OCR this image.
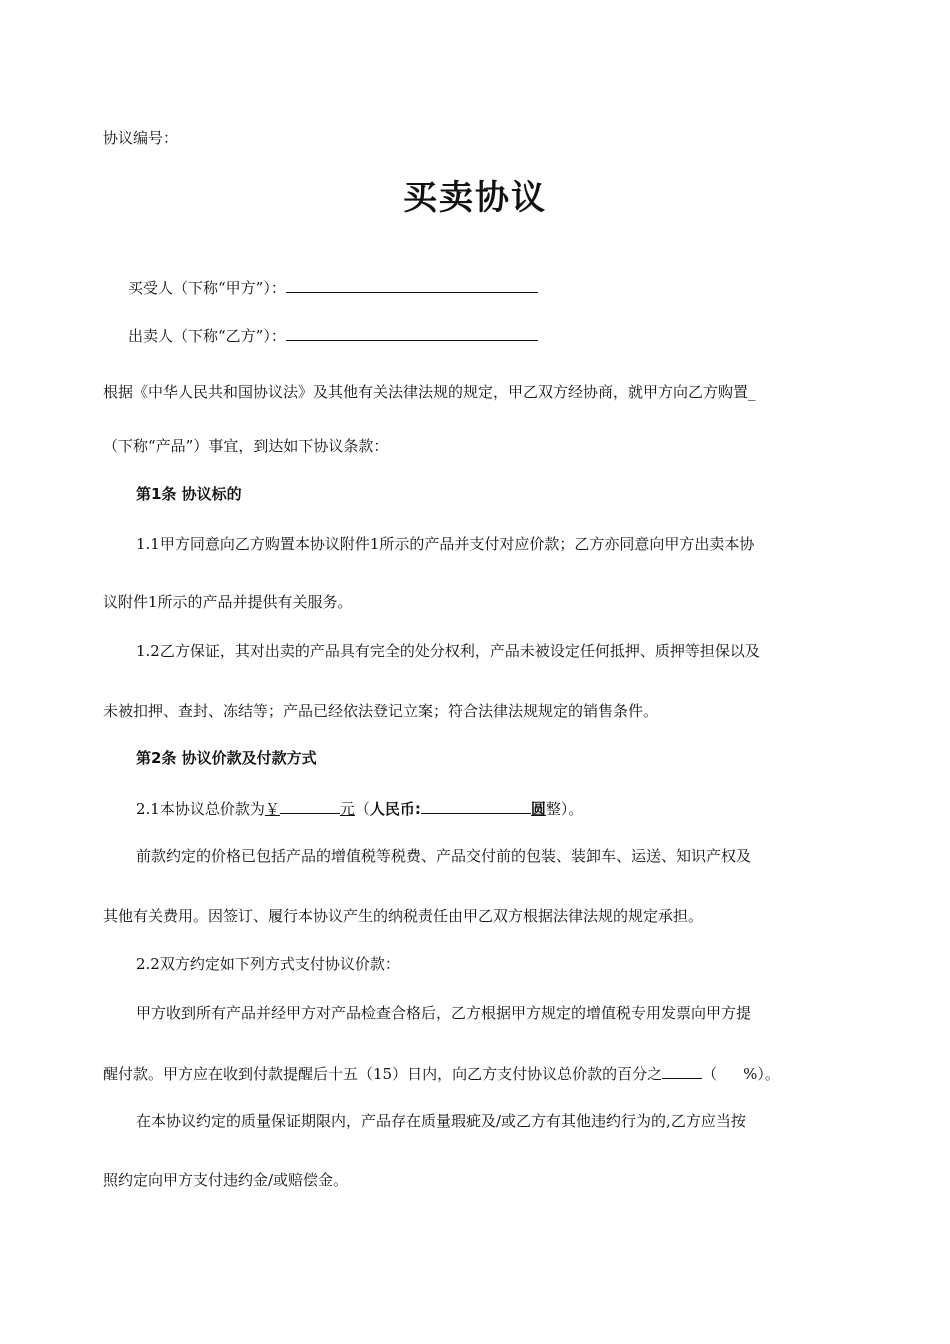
协议编号：
买卖协议
买受人（下称“甲方”）：
出卖人（下称“乙方”）：
根据《中华人民共和国协议法》及其他有关法律法规的规定，甲乙双方经协商，就甲方向乙方购置_
（下称“产品”）事宜，到达如下协议条款：
第1条 协议标的
1.1甲方同意向乙方购置本协议附件1所示的产品并支付对应价款；乙方亦同意向甲方出卖本协
议附件1所示的产品并提供有关服务。
1.2乙方保证，其对出卖的产品具有完全的处分权利，产品未被设定任何抵押、质押等担保以及
未被扣押、查封、冻结等；产品已经依法登记立案；符合法律法规规定的销售条件。
第2条 协议价款及付款方式
2.1本协议总价款为￥	元（人民币:	圆整）。
前款约定的价格已包括产品的增值税等税费、产品交付前的包装、装卸车、运送、知识产权及
其他有关费用。因签订、履行本协议产生的纳税责任由甲乙双方根据法律法规的规定承担。
2.2双方约定如下列方式支付协议价款：
甲方收到所有产品并经甲方对产品检查合格后，乙方根据甲方规定的增值税专用发票向甲方提
醒付款。甲方应在收到付款提醒后十五（15）日内，向乙方支付协议总价款的百分之	（ %）。
在本协议约定的质量保证期限内，产品存在质量瑕疵及/或乙方有其他违约行为的,乙方应当按
照约定向甲方支付违约金/或赔偿金。
